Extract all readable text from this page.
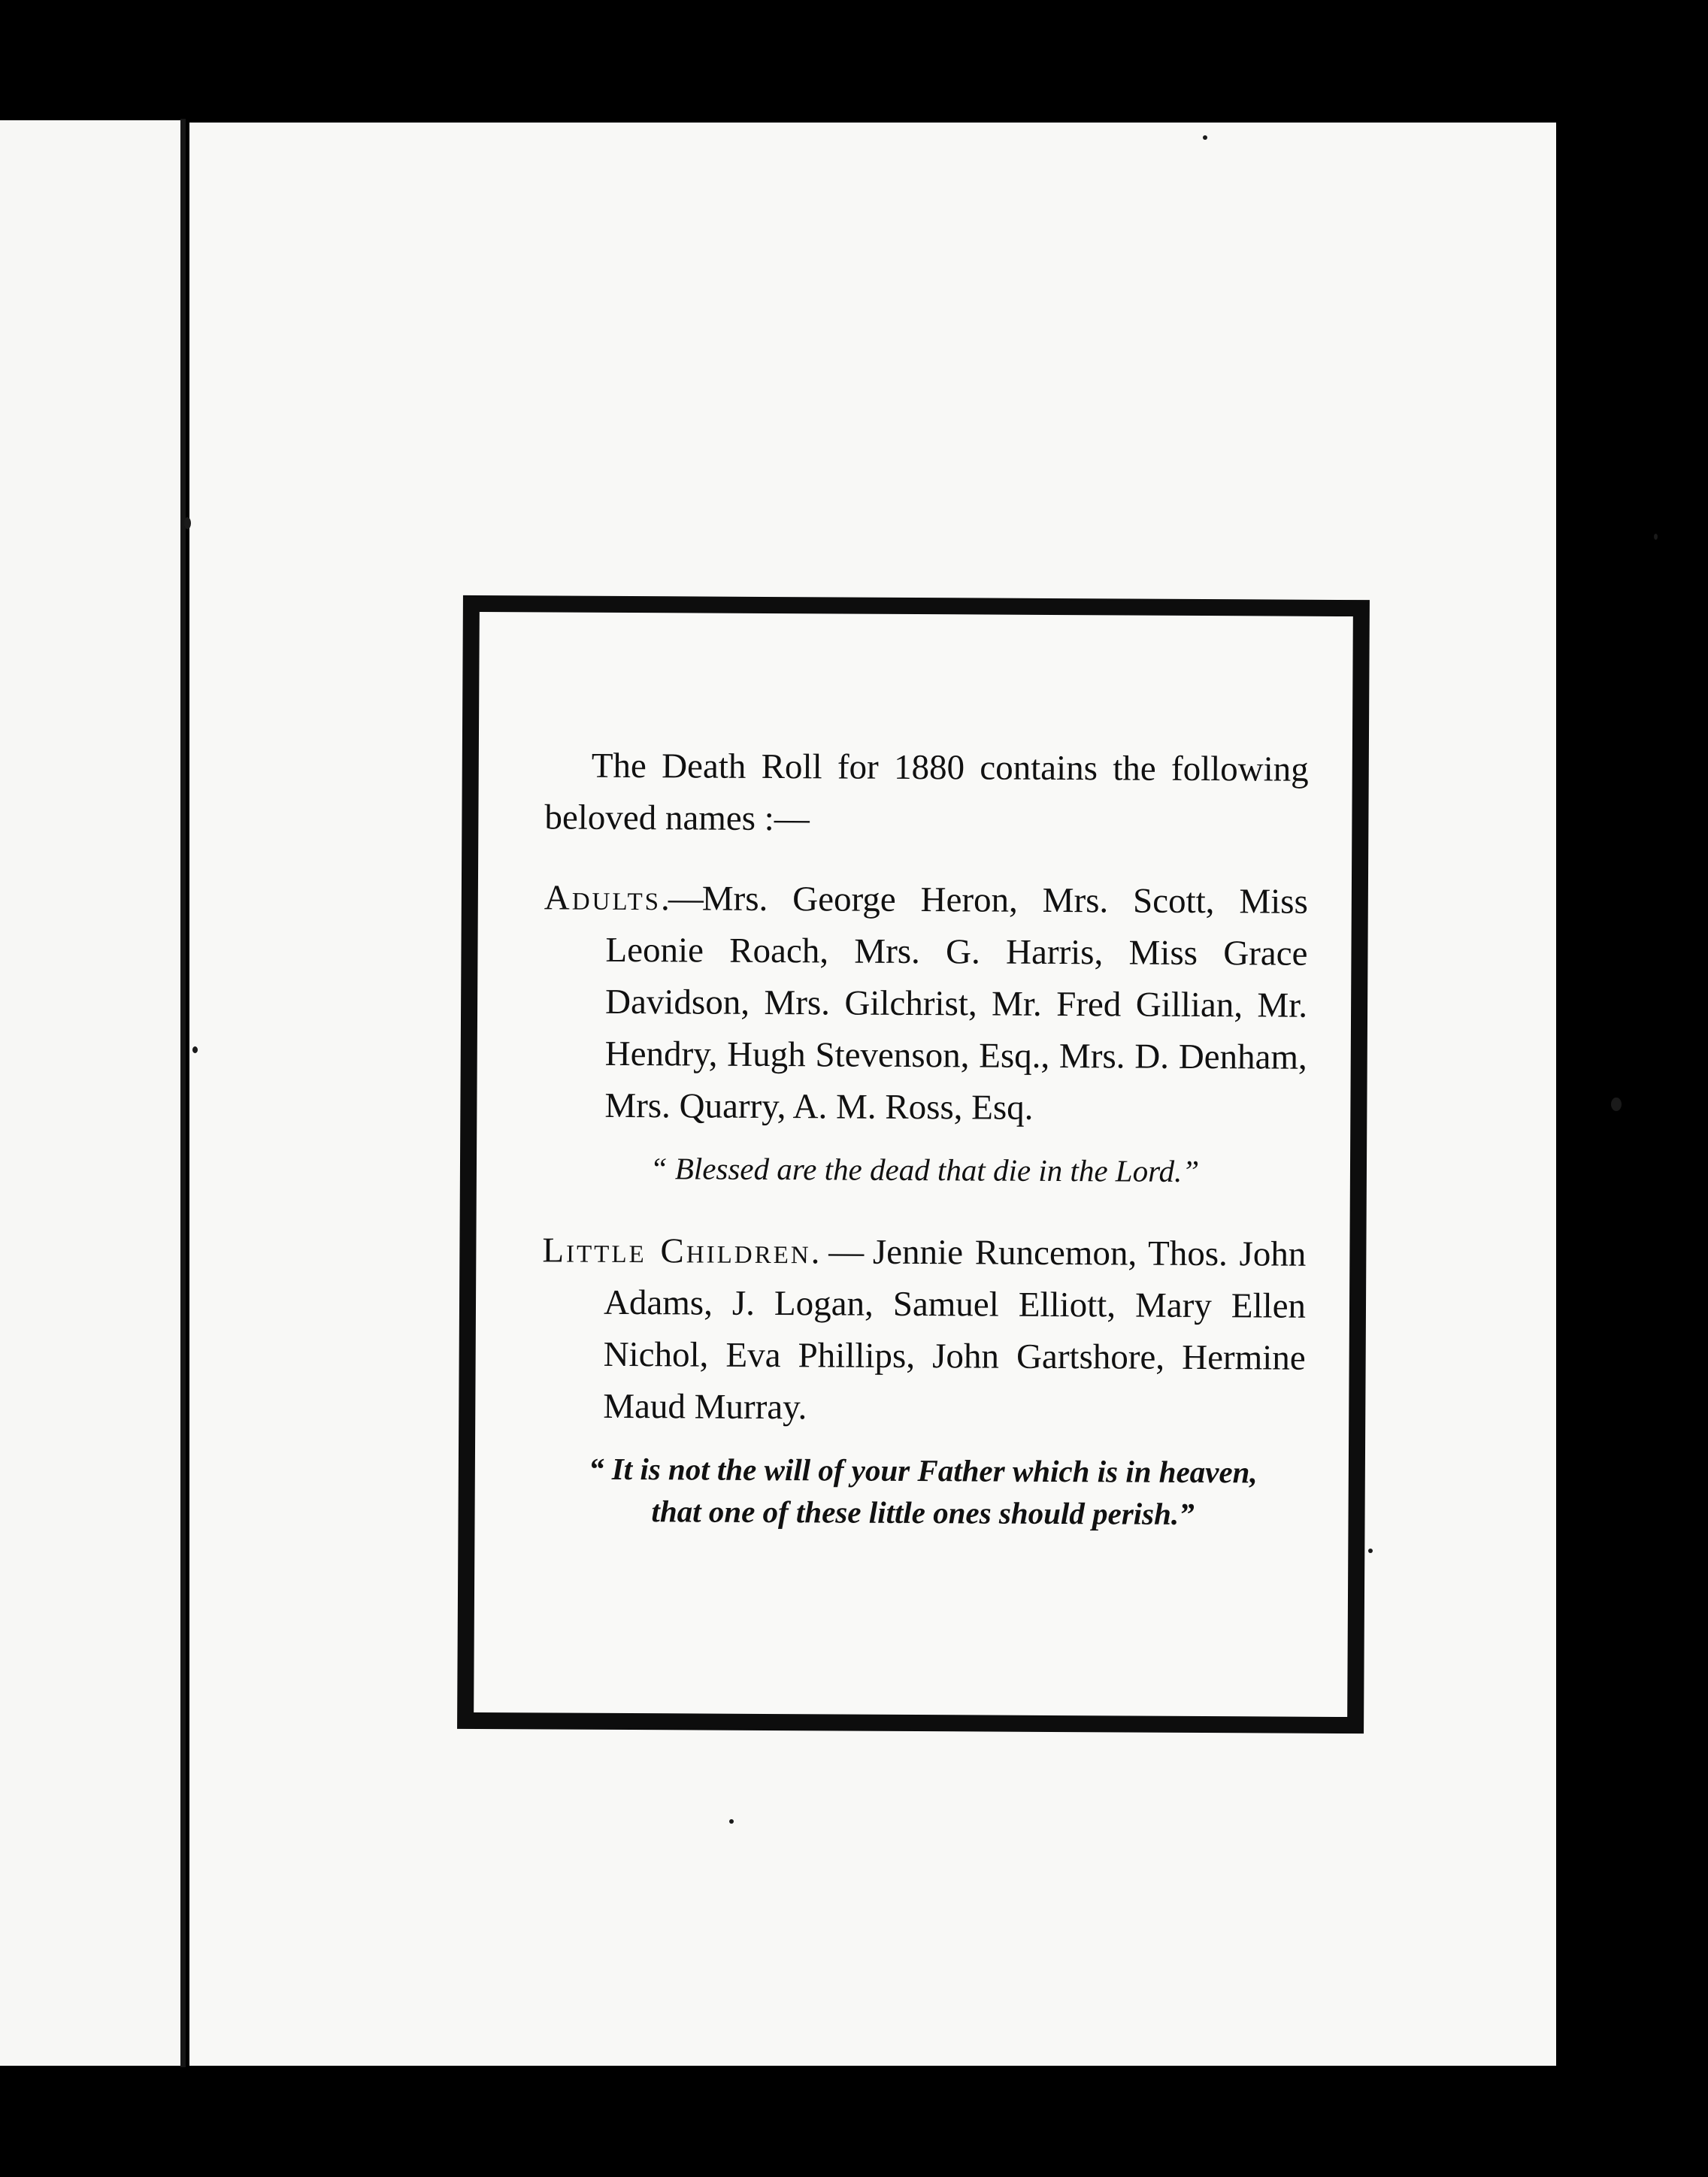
The Death Roll for 1880 contains the following beloved names :—

Adults.—Mrs. George Heron, Mrs. Scott, Miss Leonie Roach, Mrs. G. Harris, Miss Grace Davidson, Mrs. Gilchrist, Mr. Fred Gillian, Mr. Hendry, Hugh Stevenson, Esq., Mrs. D. Denham, Mrs. Quarry, A. M. Ross, Esq.

“ Blessed are the dead that die in the Lord.”

Little Children. — Jennie Runcemon, Thos. John Adams, J. Logan, Samuel Elliott, Mary Ellen Nichol, Eva Phillips, John Gartshore, Hermine Maud Murray.

“ It is not the will of your Father which is in heaven,
that one of these little ones should perish.”
